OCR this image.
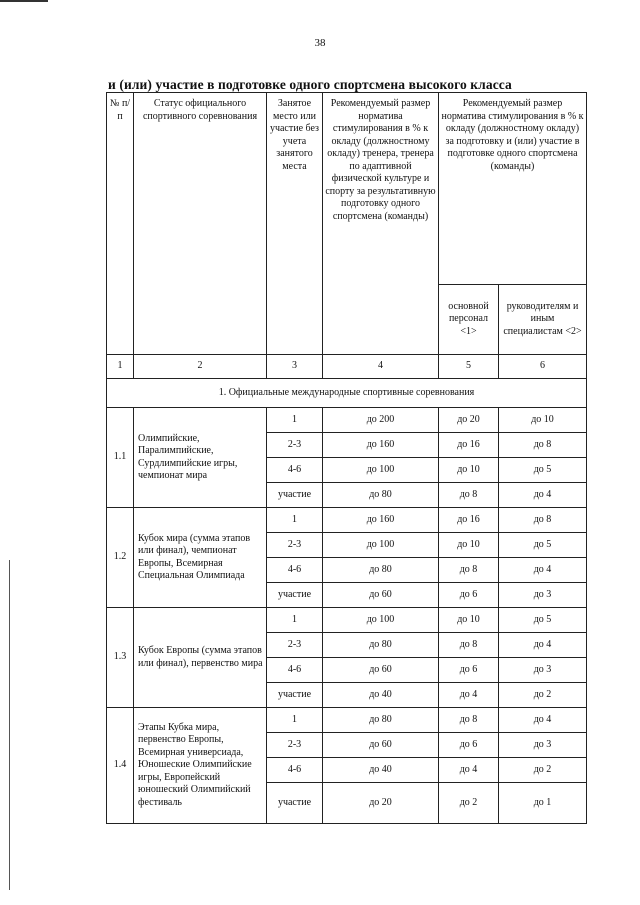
38
и (или) участие в подготовке одного спортсмена высокого класса
№ п/п	Статус официального спортивного соревнования	Занятое место или участие без учета занятого места	Рекомендуемый размер норматива стимулирования в % к окладу (должностному окладу) тренера, тренера по адаптивной физической культуре и спорту за результативную подготовку одного спортсмена (команды)	Рекомендуемый размер норматива стимулирования в % к окладу (должностному окладу) за подготовку и (или) участие в подготовке одного спортсмена (команды)	
				основной персонал <1>	руководителям и иным специалистам <2>
1	2	3	4	5	6
1. Официальные международные спортивные соревнования					
1.1	Олимпийские, Паралимпийские, Сурдлимпийские игры, чемпионат мира	1	до 200	до 20	до 10
		2-3	до 160	до 16	до 8
		4-6	до 100	до 10	до 5
		участие	до 80	до 8	до 4
1.2	Кубок мира (сумма этапов или финал), чемпионат Европы, Всемирная Специальная Олимпиада	1	до 160	до 16	до 8
		2-3	до 100	до 10	до 5
		4-6	до 80	до 8	до 4
		участие	до 60	до 6	до 3
1.3	Кубок Европы (сумма этапов или финал), первенство мира	1	до 100	до 10	до 5
		2-3	до 80	до 8	до 4
		4-6	до 60	до 6	до 3
		участие	до 40	до 4	до 2
1.4	Этапы Кубка мира, первенство Европы, Всемирная универсиада, Юношеские Олимпийские игры, Европейский юношеский Олимпийский фестиваль	1	до 80	до 8	до 4
		2-3	до 60	до 6	до 3
		4-6	до 40	до 4	до 2
		участие	до 20	до 2	до 1
